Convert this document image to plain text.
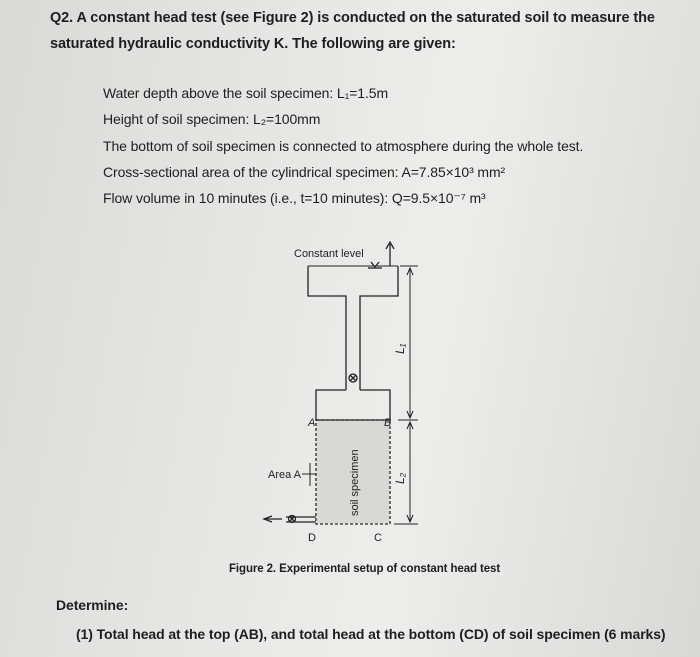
Q2. A constant head test (see Figure 2) is conducted on the saturated soil to measure the
saturated hydraulic conductivity K. The following are given:
Water depth above the soil specimen: L₁=1.5m
Height of soil specimen: L₂=100mm
The bottom of soil specimen is connected to atmosphere during the whole test.
Cross-sectional area of the cylindrical specimen: A=7.85×10³ mm²
Flow volume in 10 minutes (i.e., t=10 minutes): Q=9.5×10⁻⁷ m³
Constant level
A	B
C
D
Area A	soil specimen
L₁
L₂
Figure 2. Experimental setup of constant head test
Determine:
(1) Total head at the top (AB), and total head at the bottom (CD) of soil specimen (6 marks)
